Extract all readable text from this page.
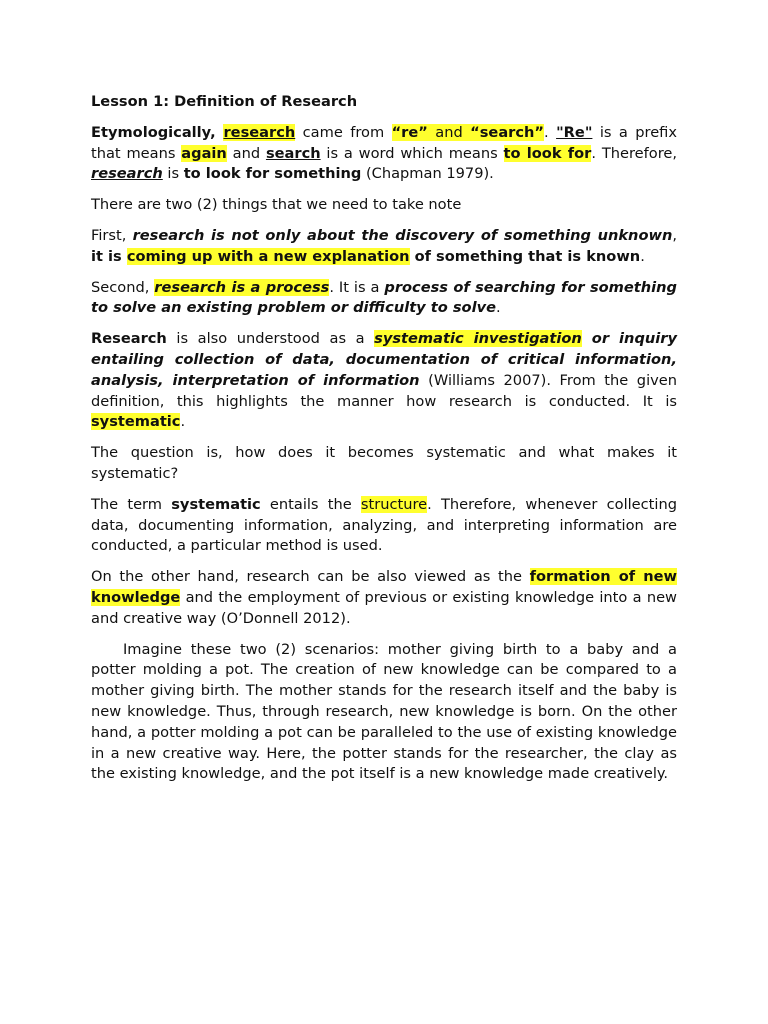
Lesson 1: Definition of Research

Etymologically, research came from “re” and “search”. "Re" is a prefix that means again and search is a word which means to look for. Therefore, research is to look for something (Chapman 1979).

There are two (2) things that we need to take note

First, research is not only about the discovery of something unknown, it is coming up with a new explanation of something that is known.

Second, research is a process. It is a process of searching for something to solve an existing problem or difficulty to solve.

Research is also understood as a systematic investigation or inquiry entailing collection of data, documentation of critical information, analysis, interpretation of information (Williams 2007). From the given definition, this highlights the manner how research is conducted. It is systematic.

The question is, how does it becomes systematic and what makes it systematic?

The term systematic entails the structure. Therefore, whenever collecting data, documenting information, analyzing, and interpreting information are conducted, a particular method is used.

On the other hand, research can be also viewed as the formation of new knowledge and the employment of previous or existing knowledge into a new and creative way (O’Donnell 2012).

Imagine these two (2) scenarios: mother giving birth to a baby and a potter molding a pot. The creation of new knowledge can be compared to a mother giving birth. The mother stands for the research itself and the baby is new knowledge. Thus, through research, new knowledge is born. On the other hand, a potter molding a pot can be paralleled to the use of existing knowledge in a new creative way. Here, the potter stands for the researcher, the clay as the existing knowledge, and the pot itself is a new knowledge made creatively.
